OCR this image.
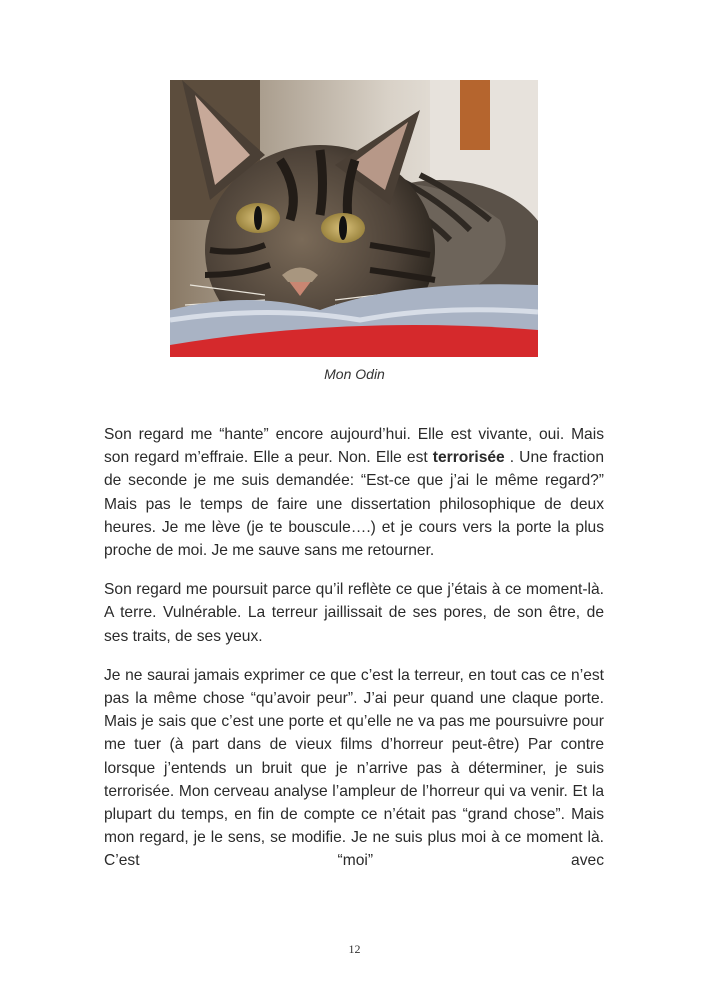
Mon Odin

Son regard me “hante” encore aujourd’hui. Elle est vivante, oui. Mais son regard m’effraie. Elle a peur. Non. Elle est terrorisée . Une fraction de seconde je me suis demandée: “Est-ce que j’ai le même regard?” Mais pas le temps de faire une dissertation philosophique de deux heures. Je me lève (je te bouscule….) et je cours vers la porte la plus proche de moi. Je me sauve sans me retourner.

Son regard me poursuit parce qu’il reflète ce que j’étais à ce moment-là. A terre. Vulnérable. La terreur jaillissait de ses pores, de son être, de ses traits, de ses yeux.

Je ne saurai jamais exprimer ce que c’est la terreur, en tout cas ce n’est pas la même chose “qu’avoir peur”. J’ai peur quand une claque porte. Mais je sais que c’est une porte et qu’elle ne va pas me poursuivre pour me tuer (à part dans de vieux films d’horreur peut-être) Par contre lorsque j’entends un bruit que je n’arrive pas à déterminer, je suis terrorisée. Mon cerveau analyse l’ampleur de l’horreur qui va venir. Et la plupart du temps, en fin de compte ce n’était pas “grand chose”. Mais mon regard, je le sens, se modifie. Je ne suis plus moi à ce moment là. C’est “moi” avec

12
